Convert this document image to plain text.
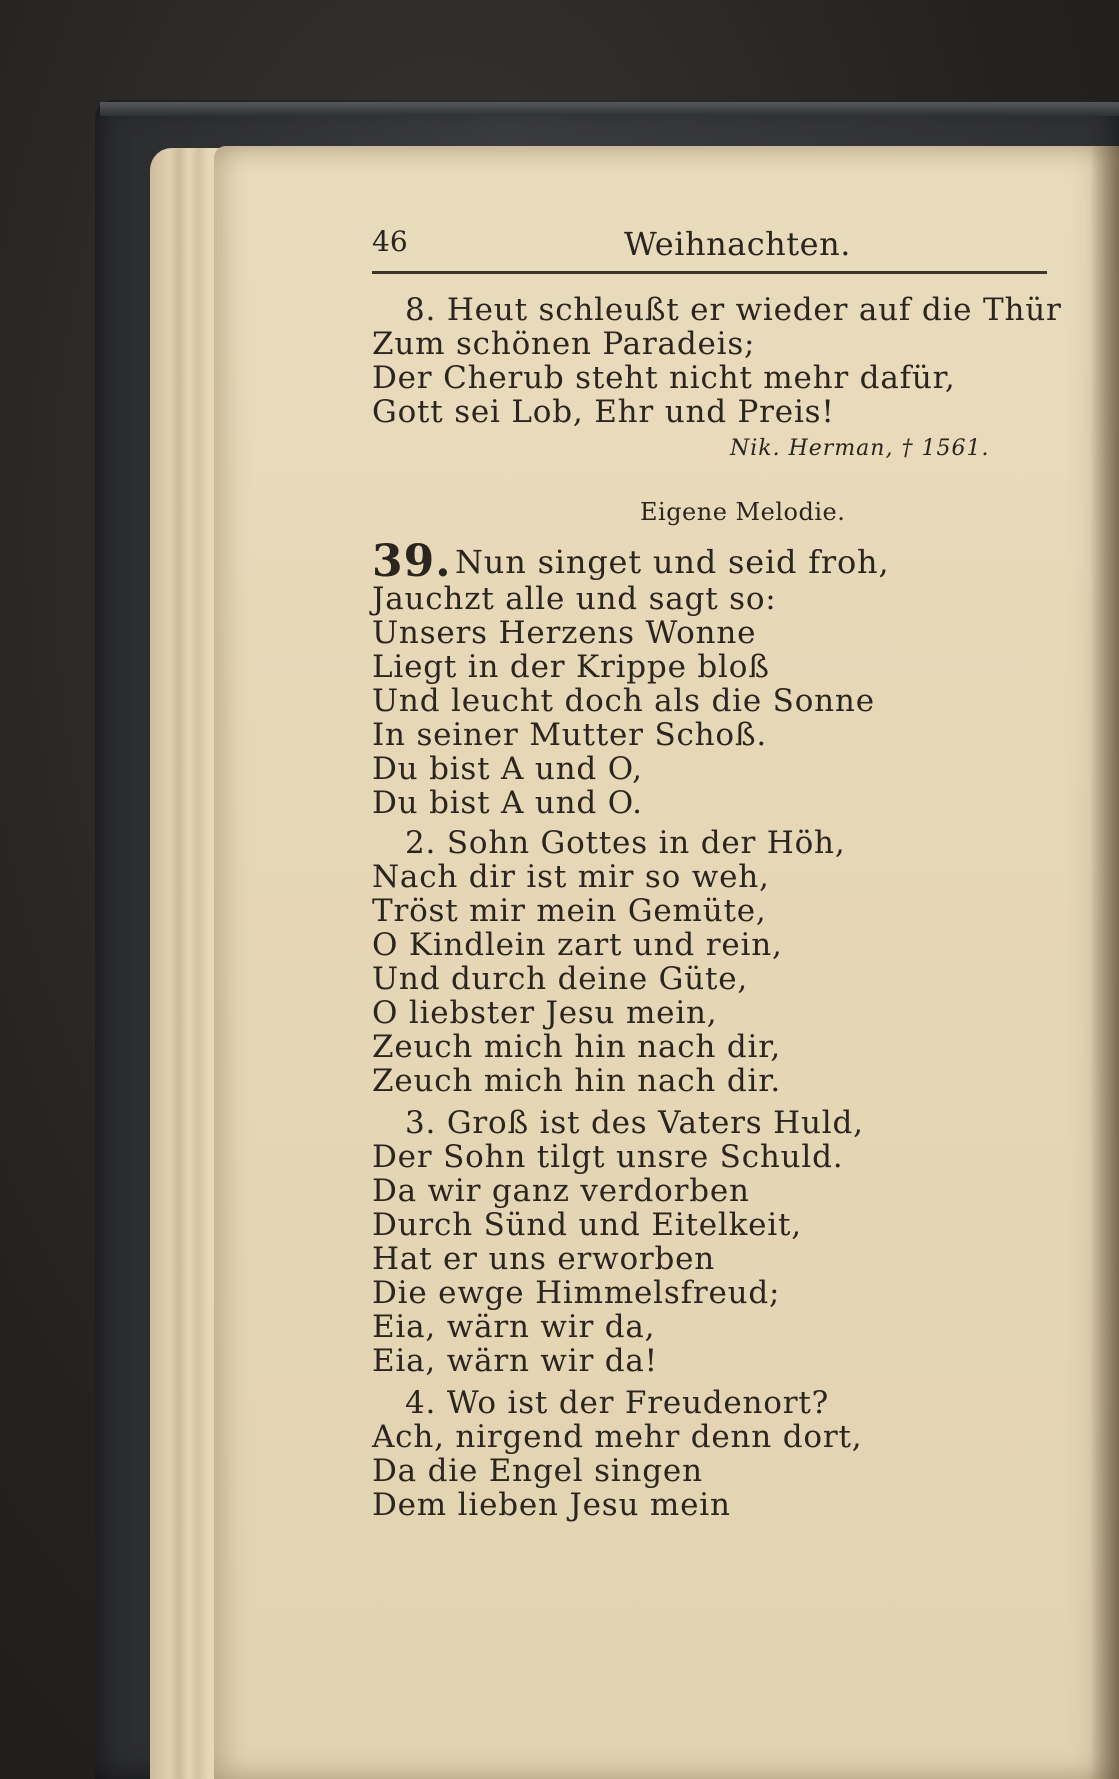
46	Weihnachten.
8. Heut schleußt er wieder auf die Thür
Zum schönen Paradeis;
Der Cherub steht nicht mehr dafür,
Gott sei Lob, Ehr und Preis!
Nik. Herman, † 1561.
Eigene Melodie.
39. Nun singet und seid froh,
Jauchzt alle und sagt so:
Unsers Herzens Wonne
Liegt in der Krippe bloß
Und leucht doch als die Sonne
In seiner Mutter Schoß.
Du bist A und O,
Du bist A und O.
2. Sohn Gottes in der Höh,
Nach dir ist mir so weh,
Tröst mir mein Gemüte,
O Kindlein zart und rein,
Und durch deine Güte,
O liebster Jesu mein,
Zeuch mich hin nach dir,
Zeuch mich hin nach dir.
3. Groß ist des Vaters Huld,
Der Sohn tilgt unsre Schuld.
Da wir ganz verdorben
Durch Sünd und Eitelkeit,
Hat er uns erworben
Die ewge Himmelsfreud;
Eia, wärn wir da,
Eia, wärn wir da!
4. Wo ist der Freudenort?
Ach, nirgend mehr denn dort,
Da die Engel singen
Dem lieben Jesu mein
